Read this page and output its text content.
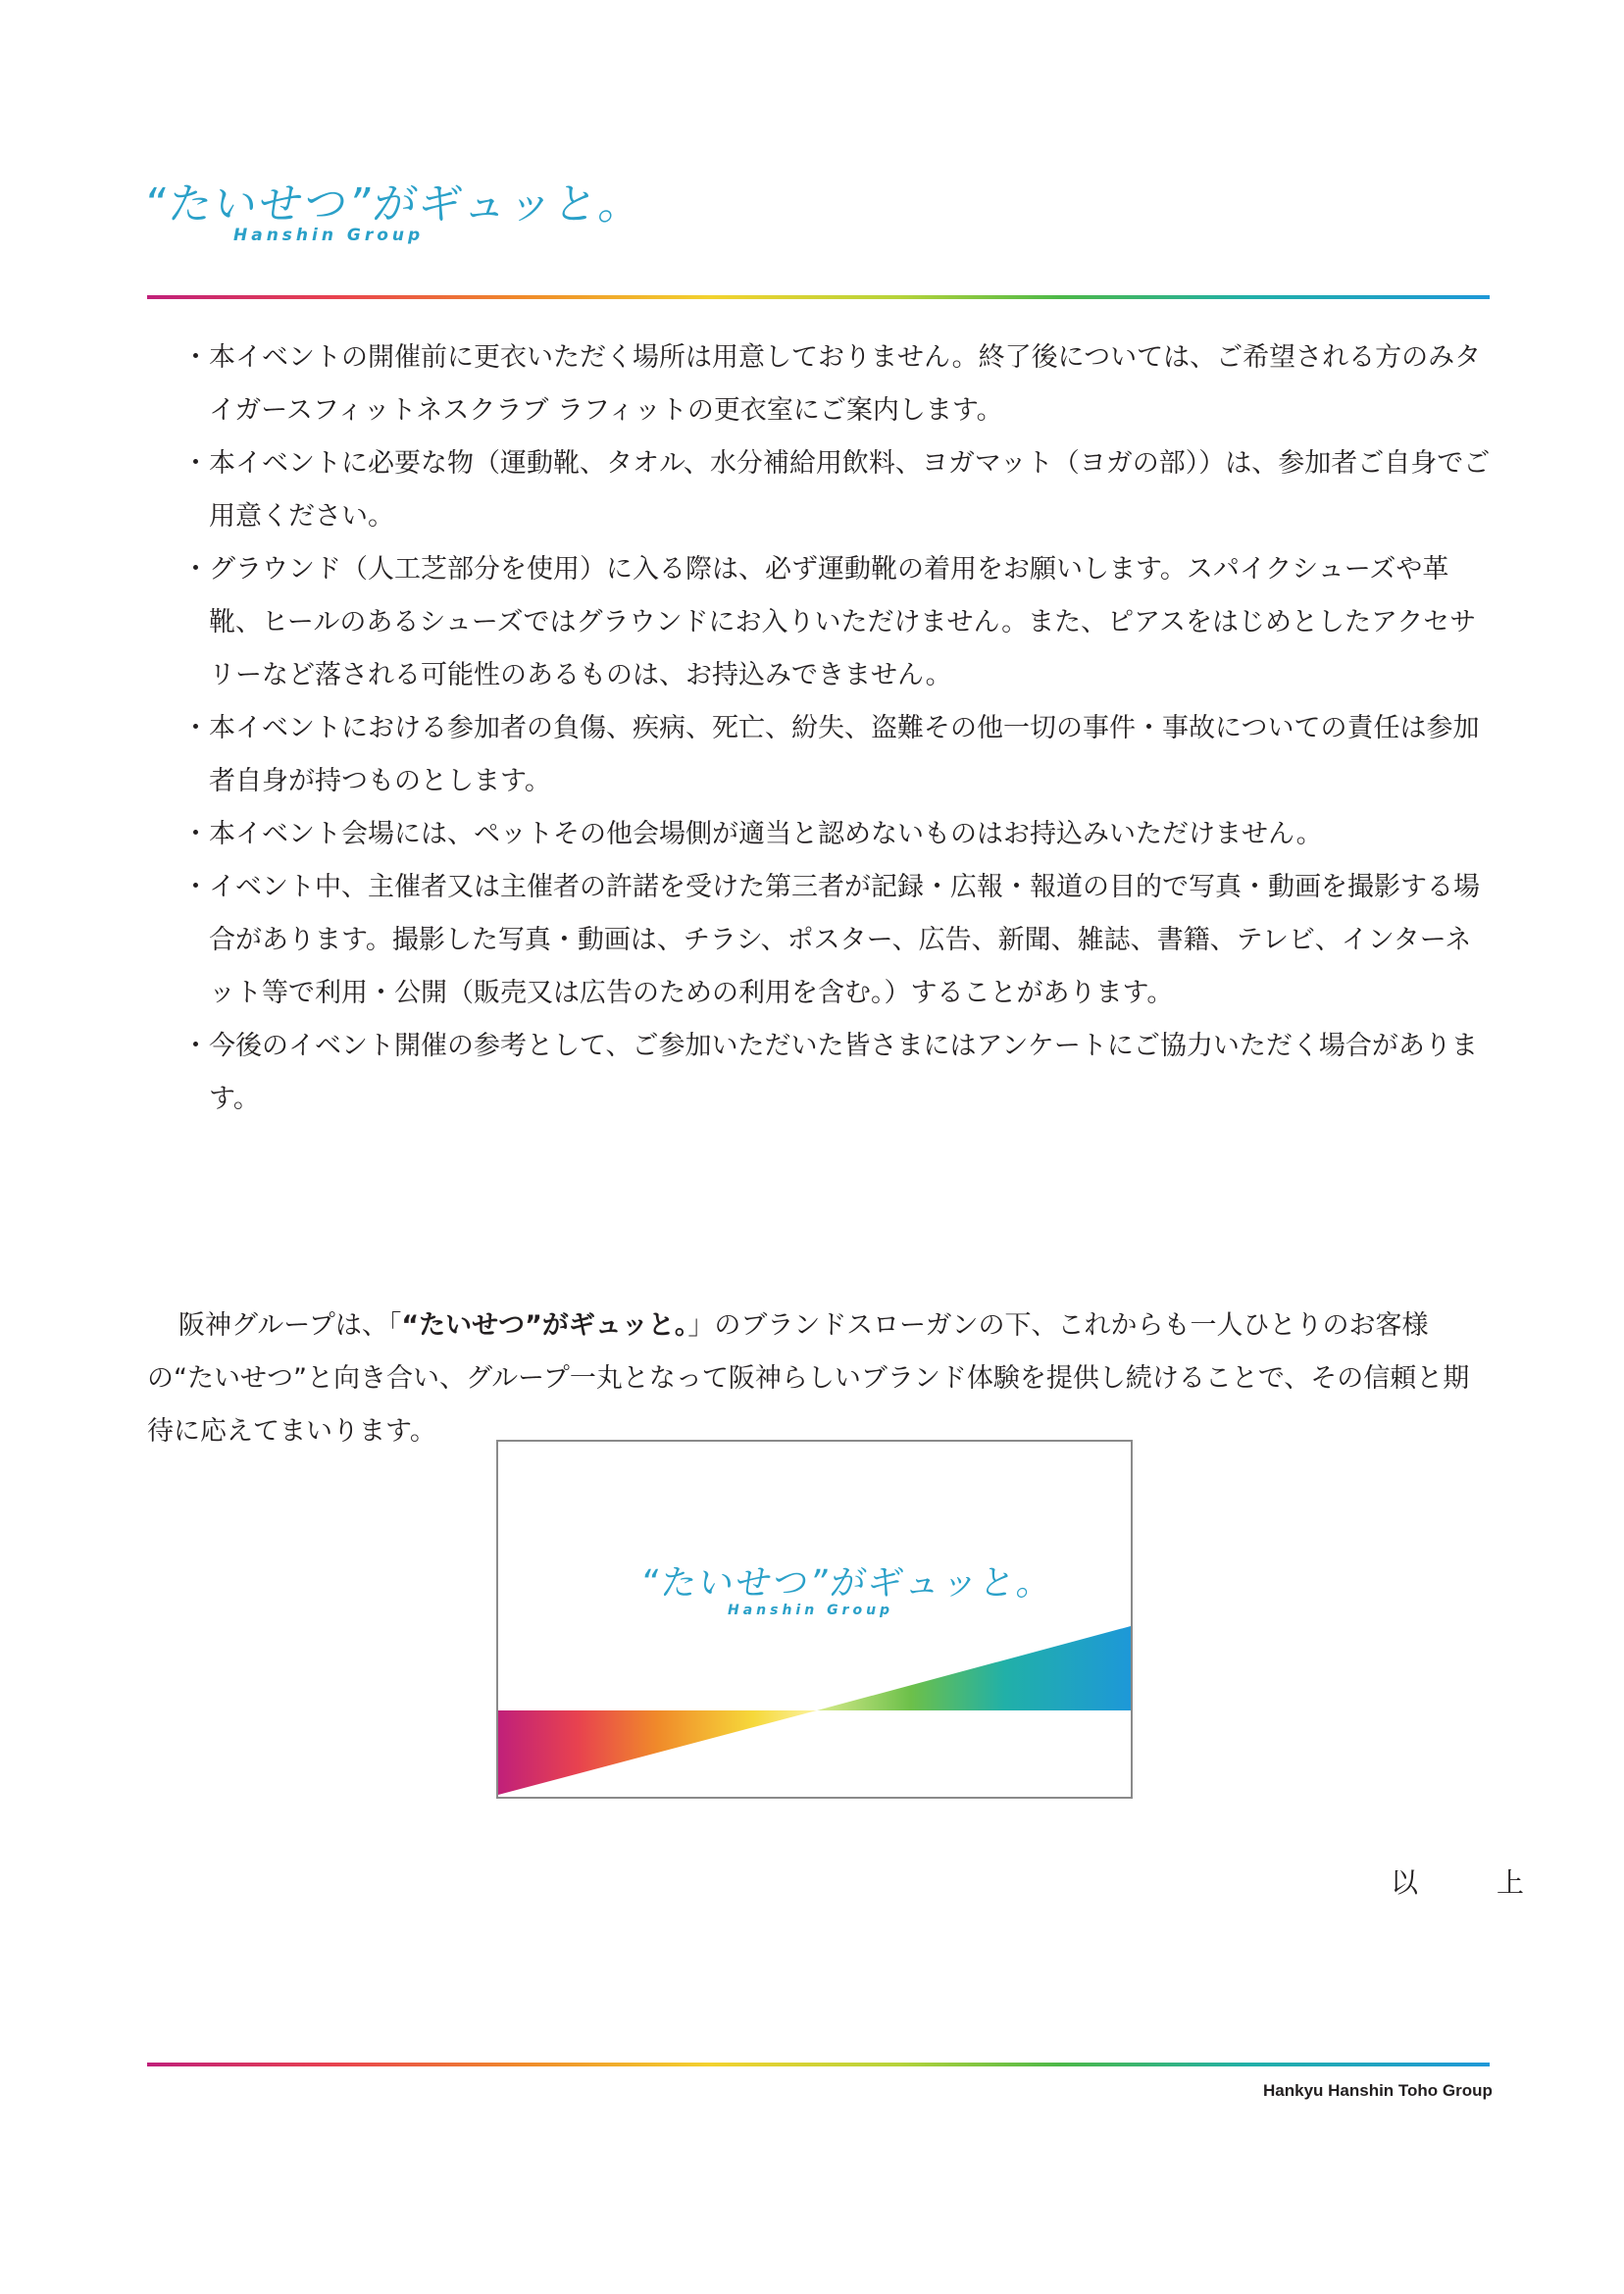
“たいせつ”がギュッと。
Hanshin Group
・ 本イベントの開催前に更衣いただく場所は用意しておりません。終了後については、ご希望される方のみタイガースフィットネスクラブ ラフィットの更衣室にご案内します。
・ 本イベントに必要な物（運動靴、タオル、水分補給用飲料、ヨガマット（ヨガの部））は、参加者ご自身でご用意ください。
・ グラウンド（人工芝部分を使用）に入る際は、必ず運動靴の着用をお願いします。スパイクシューズや革靴、ヒールのあるシューズではグラウンドにお入りいただけません。また、ピアスをはじめとしたアクセサリーなど落される可能性のあるものは、お持込みできません。
・ 本イベントにおける参加者の負傷、疾病、死亡、紛失、盗難その他一切の事件・事故についての責任は参加者自身が持つものとします。
・ 本イベント会場には、ペットその他会場側が適当と認めないものはお持込みいただけません。
・ イベント中、主催者又は主催者の許諾を受けた第三者が記録・広報・報道の目的で写真・動画を撮影する場合があります。撮影した写真・動画は、チラシ、ポスター、広告、新聞、雑誌、書籍、テレビ、インターネット等で利用・公開（販売又は広告のための利用を含む。）することがあります。
・ 今後のイベント開催の参考として、ご参加いただいた皆さまにはアンケートにご協力いただく場合があります。

阪神グループは、「“たいせつ”がギュッと。」のブランドスローガンの下、これからも一人ひとりのお客様の“たいせつ”と向き合い、グループ一丸となって阪神らしいブランド体験を提供し続けることで、その信頼と期待に応えてまいります。

“たいせつ”がギュッと。
Hanshin Group
以　上
Hankyu Hanshin Toho Group
